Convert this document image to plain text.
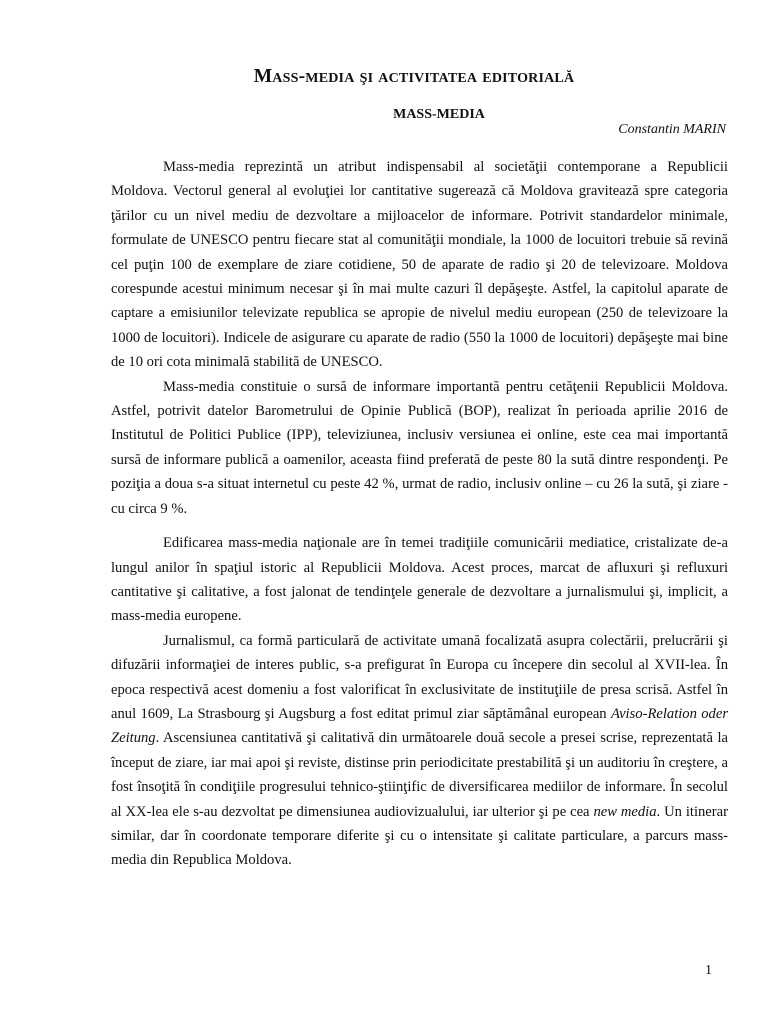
Mass-media şi activitatea editorială
MASS-MEDIA

Constantin MARIN

Mass-media reprezintă un atribut indispensabil al societăţii contemporane a Republicii Moldova. Vectorul general al evoluţiei lor cantitative sugerează că Moldova gravitează spre categoria ţărilor cu un nivel mediu de dezvoltare a mijloacelor de informare. Potrivit standardelor minimale, formulate de UNESCO pentru fiecare stat al comunităţii mondiale, la 1000 de locuitori trebuie să revină cel puţin 100 de exemplare de ziare cotidiene, 50 de aparate de radio şi 20 de televizoare. Moldova corespunde acestui minimum necesar şi în mai multe cazuri îl depăşeşte. Astfel, la capitolul aparate de captare a emisiunilor televizate republica se apropie de nivelul mediu european (250 de televizoare la 1000 de locuitori). Indicele de asigurare cu aparate de radio (550 la 1000 de locuitori) depăşeşte mai bine de 10 ori cota minimală stabilită de UNESCO.

Mass-media constituie o sursă de informare importantă pentru cetăţenii Republicii Moldova. Astfel, potrivit datelor Barometrului de Opinie Publică (BOP), realizat în perioada aprilie 2016 de Institutul de Politici Publice (IPP), televiziunea, inclusiv versiunea ei online, este cea mai importantă sursă de informare publică a oamenilor, aceasta fiind preferată de peste 80 la sută dintre respondenţi. Pe poziţia a doua s-a situat internetul cu peste 42 %, urmat de radio, inclusiv online – cu 26 la sută, şi ziare - cu circa 9 %.

Edificarea mass-media naţionale are în temei tradiţiile comunicării mediatice, cristalizate de-a lungul anilor în spaţiul istoric al Republicii Moldova. Acest proces, marcat de afluxuri şi refluxuri cantitative şi calitative, a fost jalonat de tendinţele generale de dezvoltare a jurnalismului şi, implicit, a mass-media europene.

Jurnalismul, ca formă particulară de activitate umană focalizată asupra colectării, prelucrării şi difuzării informaţiei de interes public, s-a prefigurat în Europa cu începere din secolul al XVII-lea. În epoca respectivă acest domeniu a fost valorificat în exclusivitate de instituţiile de presa scrisă. Astfel în anul 1609, La Strasbourg şi Augsburg a fost editat primul ziar săptămânal european Aviso-Relation oder Zeitung. Ascensiunea cantitativă şi calitativă din următoarele două secole a presei scrise, reprezentată la început de ziare, iar mai apoi şi reviste, distinse prin periodicitate prestabilită şi un auditoriu în creştere, a fost însoţită în condiţiile progresului tehnico-ştiinţific de diversificarea mediilor de informare. În secolul al XX-lea ele s-au dezvoltat pe dimensiunea audiovizualului, iar ulterior şi pe cea new media. Un itinerar similar, dar în coordonate temporare diferite şi cu o intensitate şi calitate particulare, a parcurs mass-media din Republica Moldova.

1
